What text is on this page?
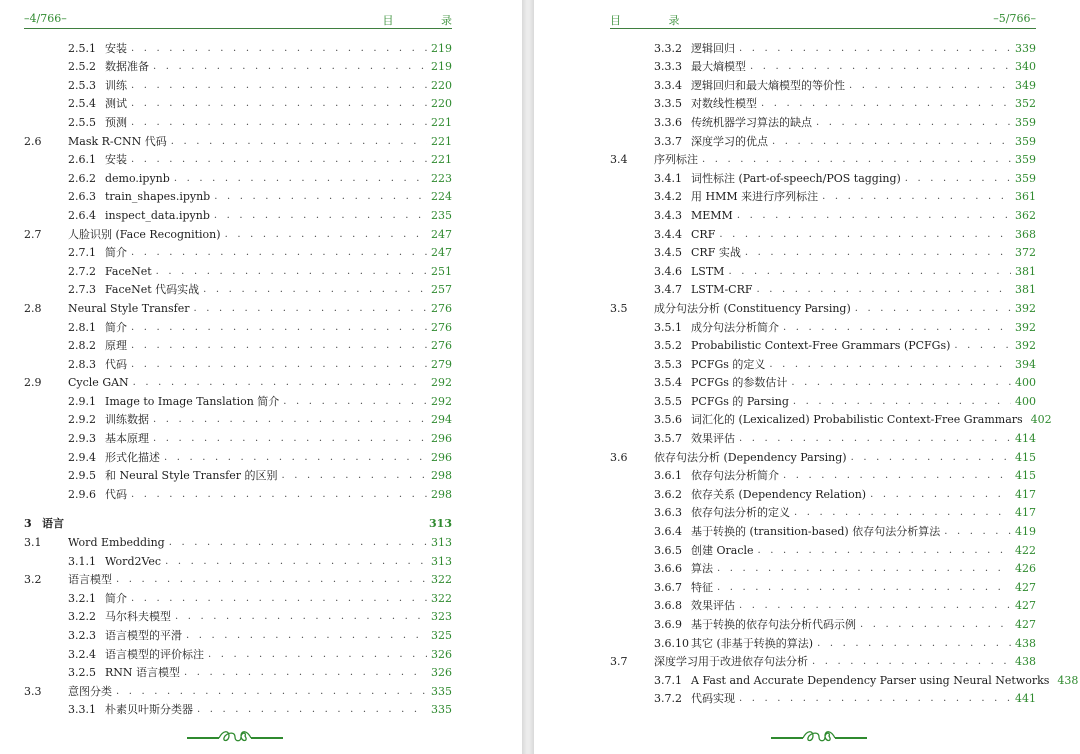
–4/766–	目 录
2.5.1 安装 . . .	219
2.5.2 数据准备 . . .	219
2.5.3 训练 . . .	220
2.5.4 测试 . . .	220
2.5.5 预测 . . .	221
2.6	Mask R-CNN 代码 . . .	221
2.6.1 安装 . . .	221
2.6.2 demo.ipynb . . .	223
2.6.3 train_shapes.ipynb . . .	224
2.6.4 inspect_data.ipynb . . .	235
2.7	人脸识别 (Face Recognition) . . .	247
2.7.1 简介 . . .	247
2.7.2 FaceNet . . .	251
2.7.3 FaceNet 代码实战 . . .	257
2.8	Neural Style Transfer . . .	276
2.8.1 简介 . . .	276
2.8.2 原理 . . .	276
2.8.3 代码 . . .	279
2.9	Cycle GAN . . .	292
2.9.1 Image to Image Tanslation 简介 . . .	292
2.9.2 训练数据 . . .	294
2.9.3 基本原理 . . .	296
2.9.4 形式化描述 . . .	296
2.9.5 和 Neural Style Transfer 的区别 . . .	298
2.9.6 代码 . . .	298
3 语言	313
3.1	Word Embedding . . .	313
3.1.1 Word2Vec . . .	313
3.2	语言模型 . . .	322
3.2.1 简介 . . .	322
3.2.2 马尔科夫模型 . . .	323
3.2.3 语言模型的平滑 . . .	325
3.2.4 语言模型的评价标注 . . .	326
3.2.5 RNN 语言模型 . . .	326
3.3	意图分类 . . .	335
3.3.1 朴素贝叶斯分类器 . . .	335
目 录	–5/766–
3.3.2 逻辑回归 . . .	339
3.3.3 最大熵模型 . . .	340
3.3.4 逻辑回归和最大熵模型的等价性 . . .	349
3.3.5 对数线性模型 . . .	352
3.3.6 传统机器学习算法的缺点 . . .	359
3.3.7 深度学习的优点 . . .	359
3.4	序列标注 . . .	359
3.4.1 词性标注 (Part-of-speech/POS tagging) . . .	359
3.4.2 用 HMM 来进行序列标注 . . .	361
3.4.3 MEMM . . .	362
3.4.4 CRF . . .	368
3.4.5 CRF 实战 . . .	372
3.4.6 LSTM . . .	381
3.4.7 LSTM-CRF . . .	381
3.5	成分句法分析 (Constituency Parsing) . . .	392
3.5.1 成分句法分析简介 . . .	392
3.5.2 Probabilistic Context-Free Grammars (PCFGs) . . .	392
3.5.3 PCFGs 的定义 . . .	394
3.5.4 PCFGs 的参数估计 . . .	400
3.5.5 PCFGs 的 Parsing . . .	400
3.5.6 词汇化的 (Lexicalized) Probabilistic Context-Free Grammars 402
3.5.7 效果评估 . . .	414
3.6	依存句法分析 (Dependency Parsing) . . .	415
3.6.1 依存句法分析简介 . . .	415
3.6.2 依存关系 (Dependency Relation) . . .	417
3.6.3 依存句法分析的定义 . . .	417
3.6.4 基于转换的 (transition-based) 依存句法分析算法 . . .	419
3.6.5 创建 Oracle . . .	422
3.6.6 算法 . . .	426
3.6.7 特征 . . .	427
3.6.8 效果评估 . . .	427
3.6.9 基于转换的依存句法分析代码示例 . . .	427
3.6.10 其它 (非基于转换的算法) . . .	438
3.7	深度学习用于改进依存句法分析 . . .	438
3.7.1 A Fast and Accurate Dependency Parser using Neural Networks 438
3.7.2 代码实现 . . .	441
